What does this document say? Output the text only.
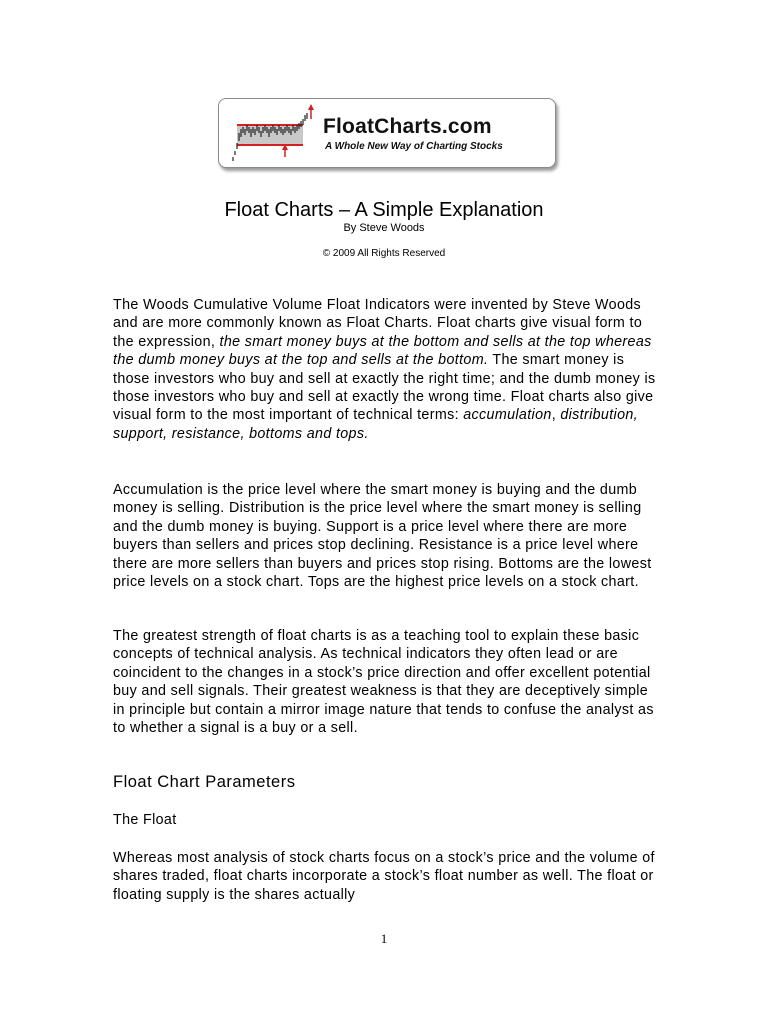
FloatCharts.com
A Whole New Way of Charting Stocks
Float Charts – A Simple Explanation
By Steve Woods
© 2009 All Rights Reserved

The Woods Cumulative Volume Float Indicators were invented by Steve Woods and are more commonly known as Float Charts. Float charts give visual form to the expression, the smart money buys at the bottom and sells at the top whereas the dumb money buys at the top and sells at the bottom. The smart money is those investors who buy and sell at exactly the right time; and the dumb money is those investors who buy and sell at exactly the wrong time. Float charts also give visual form to the most important of technical terms: accumulation, distribution, support, resistance, bottoms and tops.

Accumulation is the price level where the smart money is buying and the dumb money is selling. Distribution is the price level where the smart money is selling and the dumb money is buying. Support is a price level where there are more buyers than sellers and prices stop declining. Resistance is a price level where there are more sellers than buyers and prices stop rising. Bottoms are the lowest price levels on a stock chart. Tops are the highest price levels on a stock chart.

The greatest strength of float charts is as a teaching tool to explain these basic concepts of technical analysis. As technical indicators they often lead or are coincident to the changes in a stock’s price direction and offer excellent potential buy and sell signals. Their greatest weakness is that they are deceptively simple in principle but contain a mirror image nature that tends to confuse the analyst as to whether a signal is a buy or a sell.

Float Chart Parameters
The Float

Whereas most analysis of stock charts focus on a stock’s price and the volume of shares traded, float charts incorporate a stock’s float number as well. The float or floating supply is the shares actually

1
